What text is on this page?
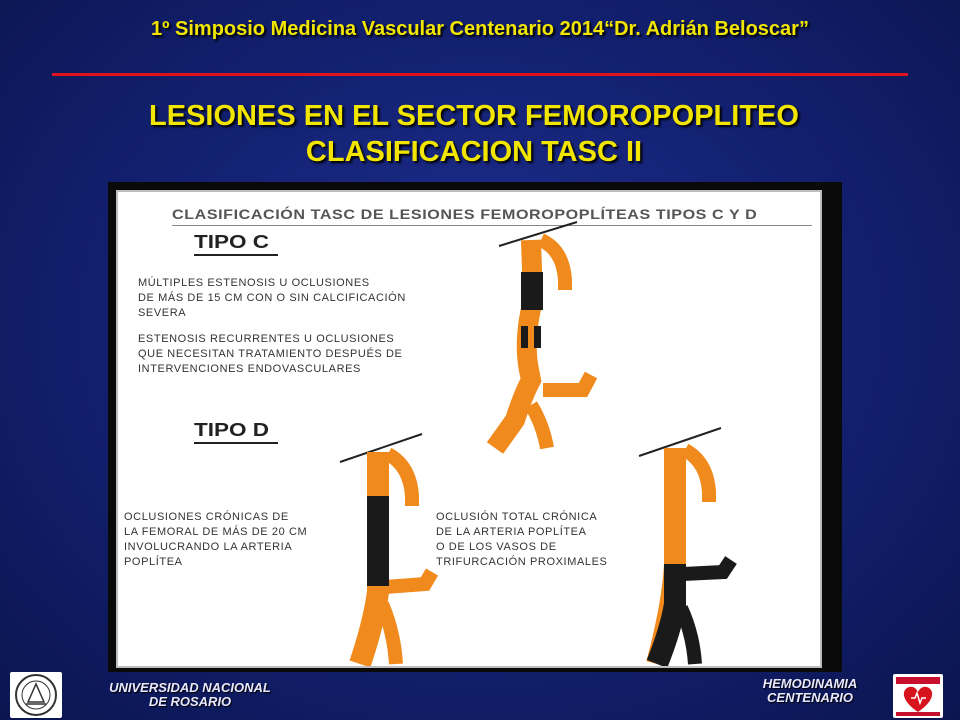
1º Simposio Medicina Vascular Centenario 2014“Dr. Adrián Beloscar”
LESIONES EN EL SECTOR FEMOROPOPLITEO
CLASIFICACION TASC II
CLASIFICACIÓN TASC DE LESIONES FEMOROPOPLÍTEAS TIPOS C Y D
TIPO C
MÚLTIPLES ESTENOSIS U OCLUSIONES
DE MÁS DE 15 CM CON O SIN CALCIFICACIÓN
SEVERA
ESTENOSIS RECURRENTES U OCLUSIONES
QUE NECESITAN TRATAMIENTO DESPUÉS DE
INTERVENCIONES ENDOVASCULARES
TIPO D
OCLUSIONES CRÓNICAS DE
LA FEMORAL DE MÁS DE 20 CM
INVOLUCRANDO LA ARTERIA
POPLÍTEA
OCLUSIÓN TOTAL CRÓNICA
DE LA ARTERIA POPLÍTEA
O DE LOS VASOS DE
TRIFURCACIÓN PROXIMALES
UNIVERSIDAD NACIONAL
DE ROSARIO
HEMODINAMIA
CENTENARIO
